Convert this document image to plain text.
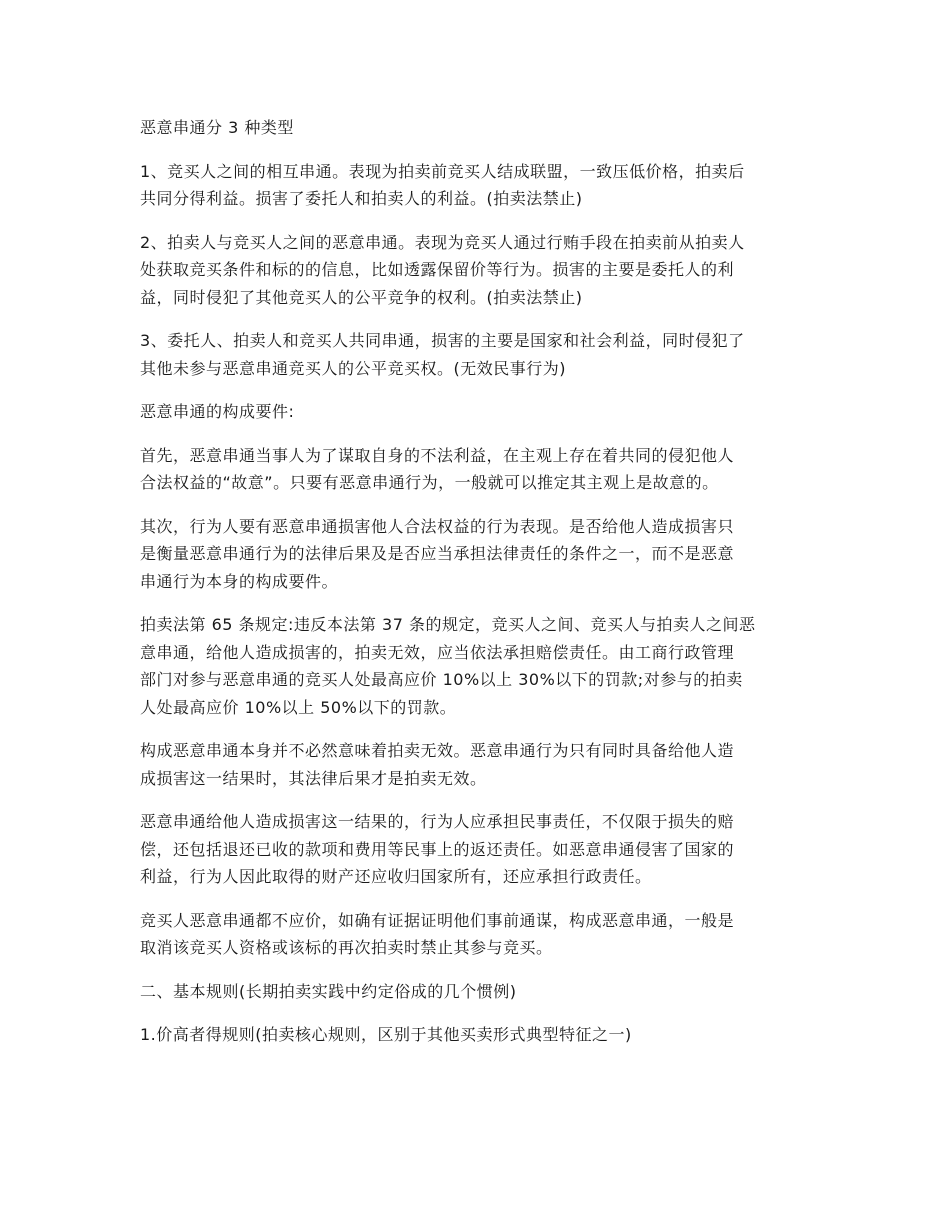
恶意串通分 3 种类型

1、竞买人之间的相互串通。表现为拍卖前竞买人结成联盟，一致压低价格，拍卖后
共同分得利益。损害了委托人和拍卖人的利益。(拍卖法禁止)

2、拍卖人与竞买人之间的恶意串通。表现为竞买人通过行贿手段在拍卖前从拍卖人
处获取竞买条件和标的的信息，比如透露保留价等行为。损害的主要是委托人的利
益，同时侵犯了其他竞买人的公平竞争的权利。(拍卖法禁止)

3、委托人、拍卖人和竞买人共同串通，损害的主要是国家和社会利益，同时侵犯了
其他未参与恶意串通竞买人的公平竞买权。(无效民事行为)

恶意串通的构成要件:

首先，恶意串通当事人为了谋取自身的不法利益，在主观上存在着共同的侵犯他人
合法权益的“故意”。只要有恶意串通行为，一般就可以推定其主观上是故意的。

其次，行为人要有恶意串通损害他人合法权益的行为表现。是否给他人造成损害只
是衡量恶意串通行为的法律后果及是否应当承担法律责任的条件之一，而不是恶意
串通行为本身的构成要件。

拍卖法第 65 条规定:违反本法第 37 条的规定，竞买人之间、竞买人与拍卖人之间恶
意串通，给他人造成损害的，拍卖无效，应当依法承担赔偿责任。由工商行政管理
部门对参与恶意串通的竞买人处最高应价 10%以上 30%以下的罚款;对参与的拍卖
人处最高应价 10%以上 50%以下的罚款。

构成恶意串通本身并不必然意味着拍卖无效。恶意串通行为只有同时具备给他人造
成损害这一结果时，其法律后果才是拍卖无效。

恶意串通给他人造成损害这一结果的，行为人应承担民事责任，不仅限于损失的赔
偿，还包括退还已收的款项和费用等民事上的返还责任。如恶意串通侵害了国家的
利益，行为人因此取得的财产还应收归国家所有，还应承担行政责任。

竞买人恶意串通都不应价，如确有证据证明他们事前通谋，构成恶意串通，一般是
取消该竞买人资格或该标的再次拍卖时禁止其参与竞买。

二、基本规则(长期拍卖实践中约定俗成的几个惯例)

1.价高者得规则(拍卖核心规则，区别于其他买卖形式典型特征之一)
